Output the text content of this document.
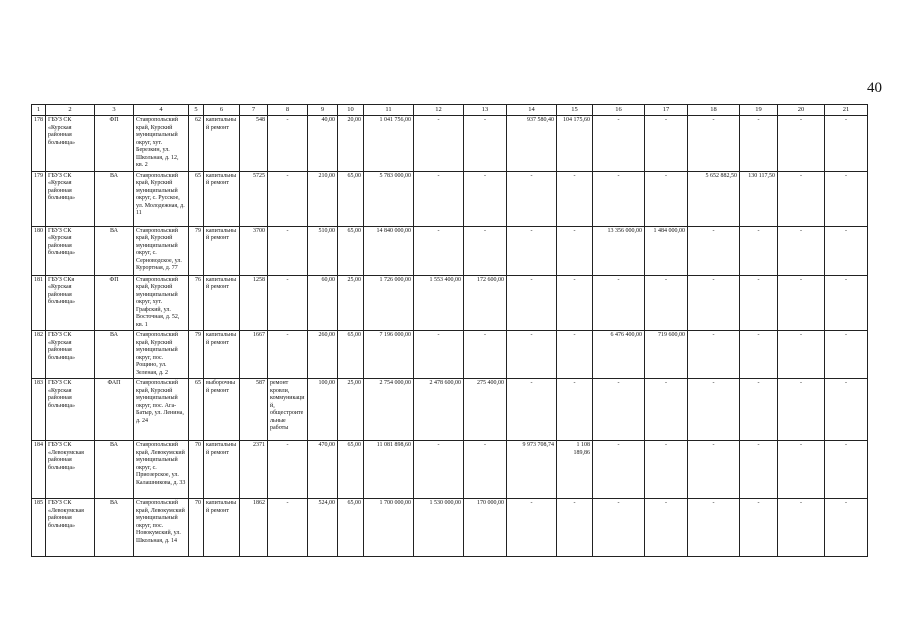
40
1	2	3	4	5	6	7	8	9	10	11	12	13	14	15	16	17	18	19	20	21
178	ГБУЗ СК «Курская районная больница»	ФП	Ставропольский край, Курский муниципальный округ, хут. Березкин, ул. Школьная, д. 12, кв. 2	62	капитальный ремонт	548	-	40,00	20,00	1 041 756,00	-	-	937 580,40	104 175,60	-	-	-	-	-	-
179	ГБУЗ СК «Курская районная больница»	ВА	Ставропольский край, Курский муниципальный округ, с. Русское, ул. Молодежная, д. 11	65	капитальный ремонт	5725	-	210,00	65,00	5 783 000,00	-	-	-	-	-	-	5 652 882,50	130 117,50	-	-
180	ГБУЗ СК «Курская районная больница»	ВА	Ставропольский край, Курский муниципальный округ, с. Серноводское, ул. Курортная, д. 77	79	капитальный ремонт	3700	-	510,00	65,00	14 840 000,00	-	-	-	-	13 356 000,00	1 484 000,00	-	-	-	-
181	ГБУЗ СКя «Курская районная больница»	ФП	Ставропольский край, Курский муниципальный округ, хут. Графский, ул. Восточная, д. 52, кв. 1	76	капитальный ремонт	1258	-	60,00	25,00	1 726 000,00	1 553 400,00	172 600,00	-	-	-	-	-	-	-	-
182	ГБУЗ СК «Курская районная больница»	ВА	Ставропольский край, Курский муниципальный округ, пос. Рощино, ул. Зеленая, д. 2	79	капитальный ремонт	1667	-	260,00	65,00	7 196 000,00	-	-	-	-	6 476 400,00	719 600,00	-	-	-	-
183	ГБУЗ СК «Курская районная больница»	ФАП	Ставропольский край, Курский муниципальный округ, пос. Ага-Батыр, ул. Ленина, д. 24	65	выборочный ремонт	587	ремонт кровли, коммуникаций, общестроительные работы	100,00	25,00	2 754 000,00	2 478 600,00	275 400,00	-	-	-	-	-	-	-	-
184	ГБУЗ СК «Левокумская районная больница»	ВА	Ставропольский край, Левокумский муниципальный округ, с. Приозерское, ул. Калашникова, д. 33	70	капитальный ремонт	2371	-	470,00	65,00	11 081 898,60	-	-	9 973 708,74	1 108 189,86	-	-	-	-	-	-
185	ГБУЗ СК «Левокумская районная больница»	ВА	Ставропольский край, Левокумский муниципальный округ, пос. Новокумский, ул. Школьная, д. 14	70	капитальный ремонт	1862	-	524,00	65,00	1 700 000,00	1 530 000,00	170 000,00	-	-	-	-	-	-	-	-
